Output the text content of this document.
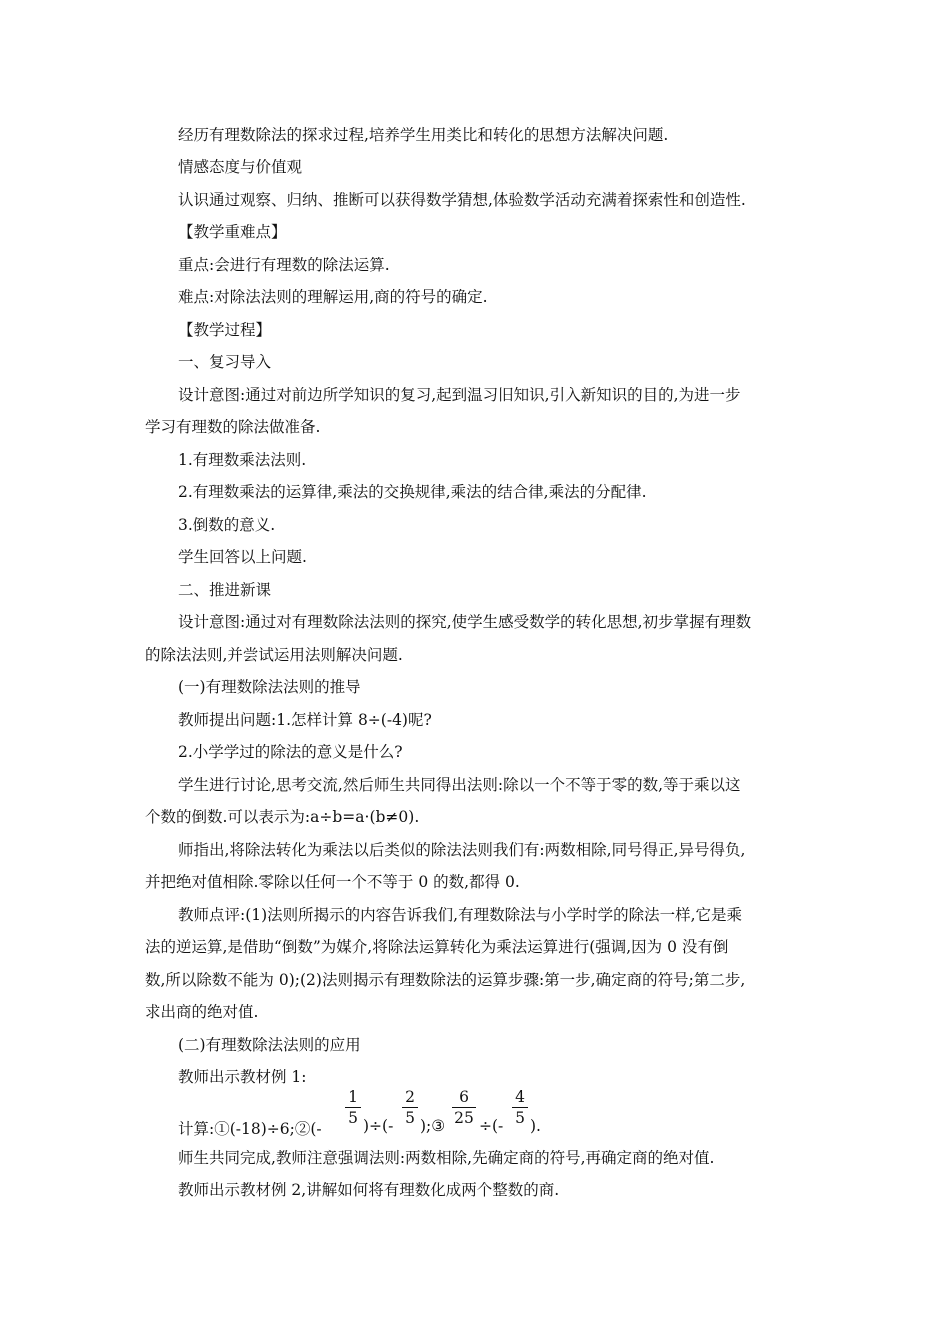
经历有理数除法的探求过程,培养学生用类比和转化的思想方法解决问题.
情感态度与价值观
认识通过观察、归纳、推断可以获得数学猜想,体验数学活动充满着探索性和创造性.
【教学重难点】
重点:会进行有理数的除法运算.
难点:对除法法则的理解运用,商的符号的确定.
【教学过程】
一、复习导入
设计意图:通过对前边所学知识的复习,起到温习旧知识,引入新知识的目的,为进一步
学习有理数的除法做准备.
1.有理数乘法法则.
2.有理数乘法的运算律,乘法的交换规律,乘法的结合律,乘法的分配律.
3.倒数的意义.
学生回答以上问题.
二、推进新课
设计意图:通过对有理数除法法则的探究,使学生感受数学的转化思想,初步掌握有理数
的除法法则,并尝试运用法则解决问题.
(一)有理数除法法则的推导
教师提出问题:1.怎样计算 8÷(-4)呢?
2.小学学过的除法的意义是什么?
学生进行讨论,思考交流,然后师生共同得出法则:除以一个不等于零的数,等于乘以这
个数的倒数.可以表示为:a÷b=a·(b≠0).
师指出,将除法转化为乘法以后类似的除法法则我们有:两数相除,同号得正,异号得负,
并把绝对值相除.零除以任何一个不等于 0 的数,都得 0.
教师点评:(1)法则所揭示的内容告诉我们,有理数除法与小学时学的除法一样,它是乘
法的逆运算,是借助“倒数”为媒介,将除法运算转化为乘法运算进行(强调,因为 0 没有倒
数,所以除数不能为 0);(2)法则揭示有理数除法的运算步骤:第一步,确定商的符号;第二步,
求出商的绝对值.
(二)有理数除法法则的应用
教师出示教材例 1:
计算:①(-18)÷6;②(-
1
5 )÷(-
2
5 );③
6
25 ÷(-
4
5 ).
师生共同完成,教师注意强调法则:两数相除,先确定商的符号,再确定商的绝对值.
教师出示教材例 2,讲解如何将有理数化成两个整数的商.
